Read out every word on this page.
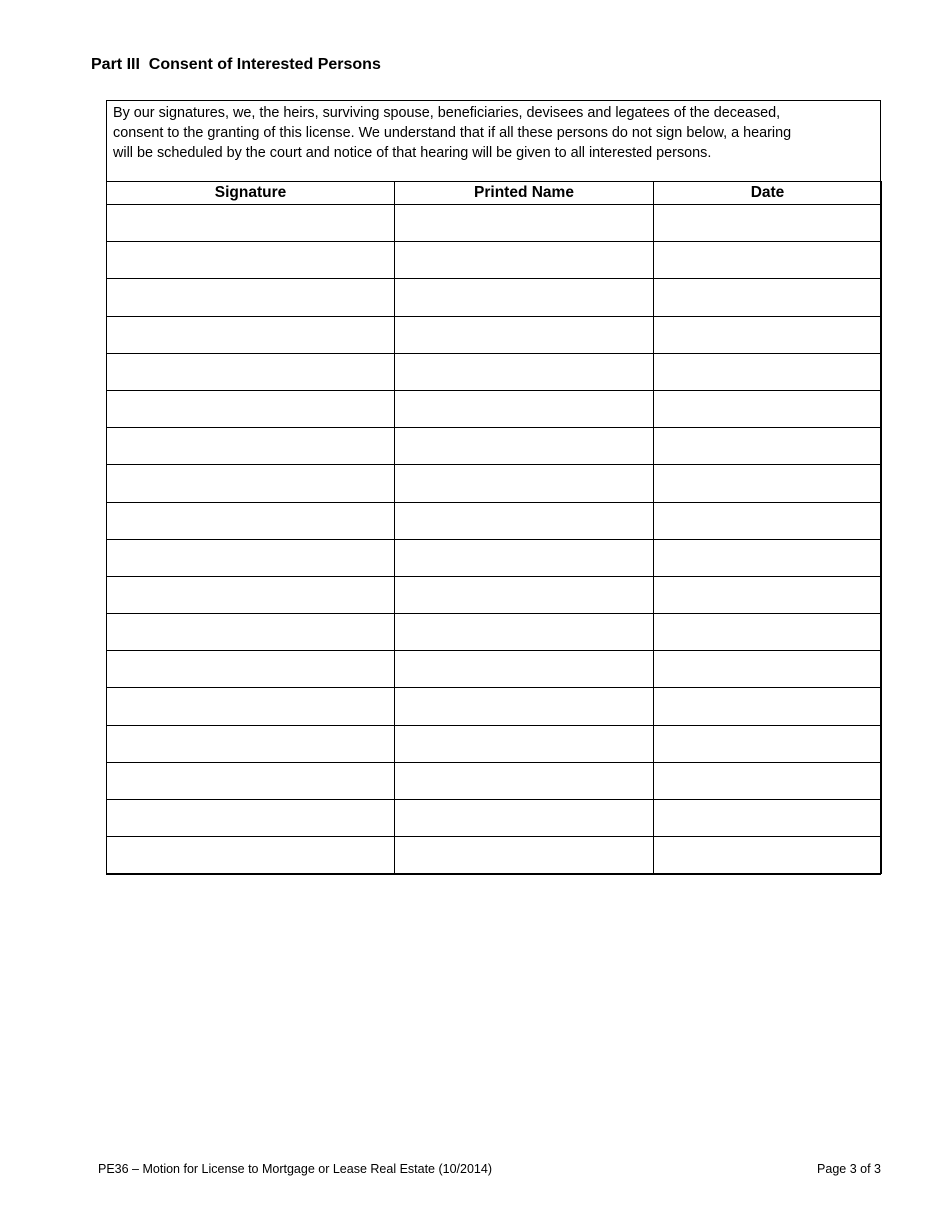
Part III  Consent of Interested Persons

By our signatures, we, the heirs, surviving spouse, beneficiaries, devisees and legatees of the deceased,
consent to the granting of this license. We understand that if all these persons do not sign below, a hearing
will be scheduled by the court and notice of that hearing will be given to all interested persons.

Signature	Printed Name	Date

PE36 – Motion for License to Mortgage or Lease Real Estate (10/2014)	Page 3 of 3
